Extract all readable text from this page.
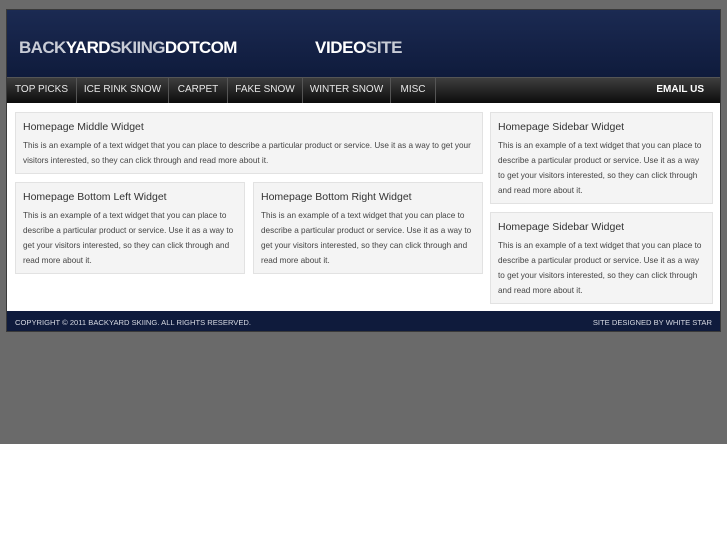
BACKYARDSKIINGDOTCOM	VIDEOSITE
TOP PICKS	ICE RINK SNOW	CARPET	FAKE SNOW	WINTER SNOW	MISC	EMAIL US
Homepage Middle Widget

This is an example of a text widget that you can place to describe a particular product or service. Use it as a way to get your visitors interested, so they can click through and read more about it.

Homepage Bottom Left Widget

This is an example of a text widget that you can place to describe a particular product or service. Use it as a way to get your visitors interested, so they can click through and read more about it.

Homepage Bottom Right Widget

This is an example of a text widget that you can place to describe a particular product or service. Use it as a way to get your visitors interested, so they can click through and read more about it.

Homepage Sidebar Widget

This is an example of a text widget that you can place to describe a particular product or service. Use it as a way to get your visitors interested, so they can click through and read more about it.

Homepage Sidebar Widget

This is an example of a text widget that you can place to describe a particular product or service. Use it as a way to get your visitors interested, so they can click through and read more about it.

COPYRIGHT © 2011 BACKYARD SKIING. ALL RIGHTS RESERVED.	SITE DESIGNED BY WHITE STAR
